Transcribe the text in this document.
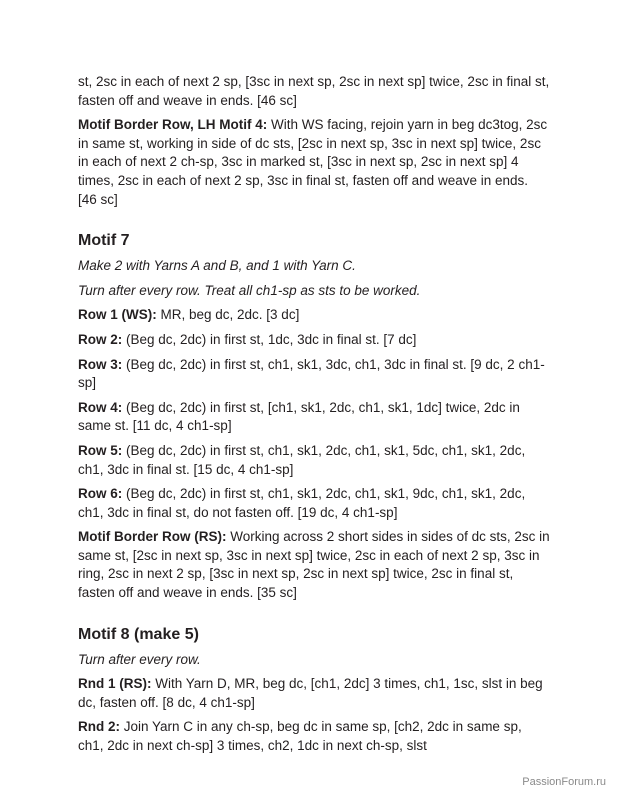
st, 2sc in each of next 2 sp, [3sc in next sp, 2sc in next sp] twice, 2sc in final st, fasten off and weave in ends. [46 sc]

Motif Border Row, LH Motif 4: With WS facing, rejoin yarn in beg dc3tog, 2sc in same st, working in side of dc sts, [2sc in next sp, 3sc in next sp] twice, 2sc in each of next 2 ch-sp, 3sc in marked st, [3sc in next sp, 2sc in next sp] 4 times, 2sc in each of next 2 sp, 3sc in final st, fasten off and weave in ends. [46 sc]

Motif 7

Make 2 with Yarns A and B, and 1 with Yarn C.

Turn after every row. Treat all ch1-sp as sts to be worked.

Row 1 (WS): MR, beg dc, 2dc. [3 dc]

Row 2: (Beg dc, 2dc) in first st, 1dc, 3dc in final st. [7 dc]

Row 3: (Beg dc, 2dc) in first st, ch1, sk1, 3dc, ch1, 3dc in final st. [9 dc, 2 ch1-sp]

Row 4: (Beg dc, 2dc) in first st, [ch1, sk1, 2dc, ch1, sk1, 1dc] twice, 2dc in same st. [11 dc, 4 ch1-sp]

Row 5: (Beg dc, 2dc) in first st, ch1, sk1, 2dc, ch1, sk1, 5dc, ch1, sk1, 2dc, ch1, 3dc in final st. [15 dc, 4 ch1-sp]

Row 6: (Beg dc, 2dc) in first st, ch1, sk1, 2dc, ch1, sk1, 9dc, ch1, sk1, 2dc, ch1, 3dc in final st, do not fasten off. [19 dc, 4 ch1-sp]

Motif Border Row (RS): Working across 2 short sides in sides of dc sts, 2sc in same st, [2sc in next sp, 3sc in next sp] twice, 2sc in each of next 2 sp, 3sc in ring, 2sc in next 2 sp, [3sc in next sp, 2sc in next sp] twice, 2sc in final st, fasten off and weave in ends. [35 sc]

Motif 8 (make 5)

Turn after every row.

Rnd 1 (RS): With Yarn D, MR, beg dc, [ch1, 2dc] 3 times, ch1, 1sc, slst in beg dc, fasten off. [8 dc, 4 ch1-sp]

Rnd 2: Join Yarn C in any ch-sp, beg dc in same sp, [ch2, 2dc in same sp, ch1, 2dc in next ch-sp] 3 times, ch2, 1dc in next ch-sp, slst

PassionForum.ru
